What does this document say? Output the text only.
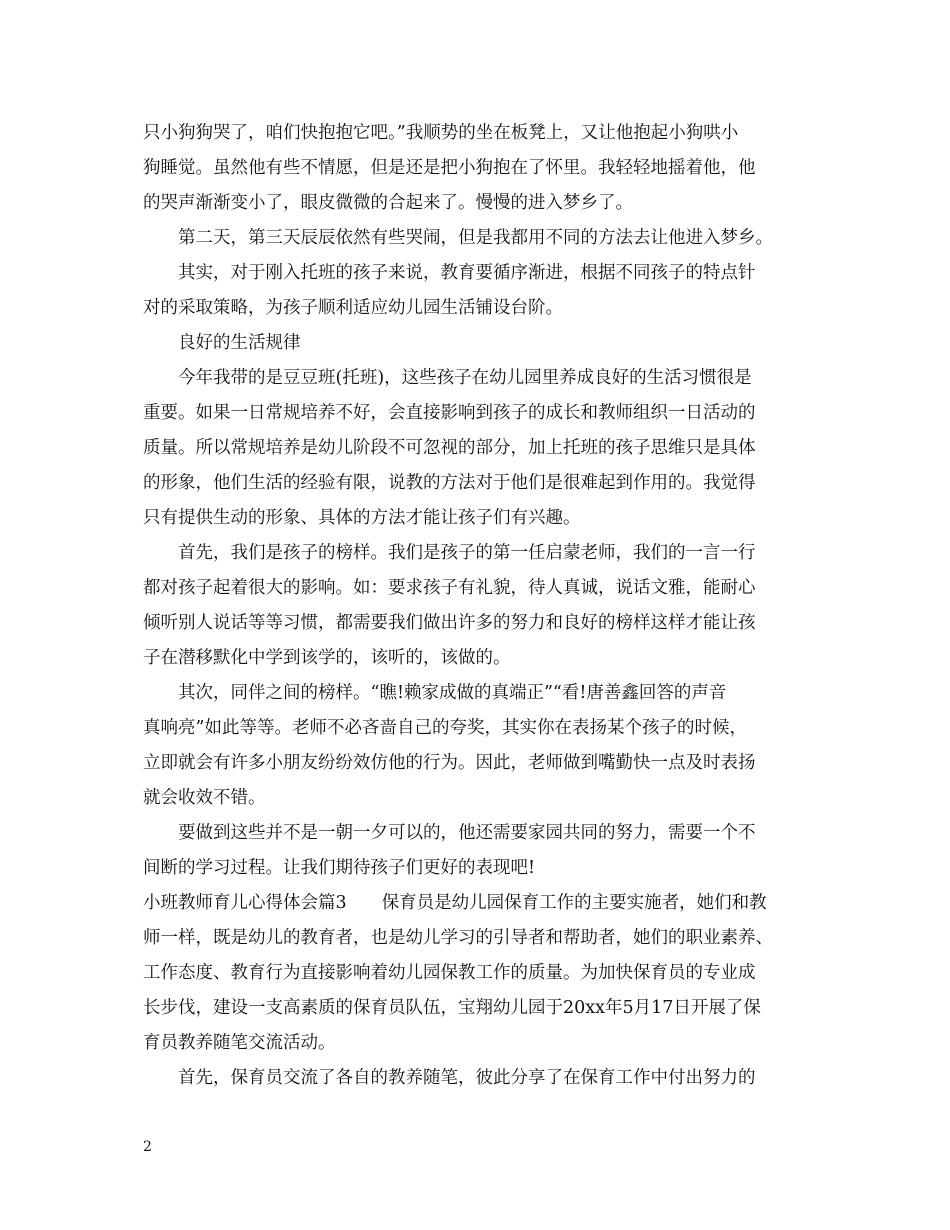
只小狗狗哭了，咱们快抱抱它吧。”我顺势的坐在板凳上，又让他抱起小狗哄小
狗睡觉。虽然他有些不情愿，但是还是把小狗抱在了怀里。我轻轻地摇着他，他
的哭声渐渐变小了，眼皮微微的合起来了。慢慢的进入梦乡了。
第二天，第三天辰辰依然有些哭闹，但是我都用不同的方法去让他进入梦乡。
其实，对于刚入托班的孩子来说，教育要循序渐进，根据不同孩子的特点针
对的采取策略，为孩子顺利适应幼儿园生活铺设台阶。
良好的生活规律
今年我带的是豆豆班(托班)，这些孩子在幼儿园里养成良好的生活习惯很是
重要。如果一日常规培养不好，会直接影响到孩子的成长和教师组织一日活动的
质量。所以常规培养是幼儿阶段不可忽视的部分，加上托班的孩子思维只是具体
的形象，他们生活的经验有限，说教的方法对于他们是很难起到作用的。我觉得
只有提供生动的形象、具体的方法才能让孩子们有兴趣。
首先，我们是孩子的榜样。我们是孩子的第一任启蒙老师，我们的一言一行
都对孩子起着很大的影响。如：要求孩子有礼貌，待人真诚，说话文雅，能耐心
倾听别人说话等等习惯，都需要我们做出许多的努力和良好的榜样这样才能让孩
子在潜移默化中学到该学的，该听的，该做的。
其次，同伴之间的榜样。“瞧!赖家成做的真端正”“看!唐善鑫回答的声音
真响亮”如此等等。老师不必吝啬自己的夸奖，其实你在表扬某个孩子的时候，
立即就会有许多小朋友纷纷效仿他的行为。因此，老师做到嘴勤快一点及时表扬
就会收效不错。
要做到这些并不是一朝一夕可以的，他还需要家园共同的努力，需要一个不
间断的学习过程。让我们期待孩子们更好的表现吧!
小班教师育儿心得体会篇3　　保育员是幼儿园保育工作的主要实施者，她们和教
师一样，既是幼儿的教育者，也是幼儿学习的引导者和帮助者，她们的职业素养、
工作态度、教育行为直接影响着幼儿园保教工作的质量。为加快保育员的专业成
长步伐，建设一支高素质的保育员队伍，宝翔幼儿园于20xx年5月17日开展了保
育员教养随笔交流活动。
首先，保育员交流了各自的教养随笔，彼此分享了在保育工作中付出努力的
2
